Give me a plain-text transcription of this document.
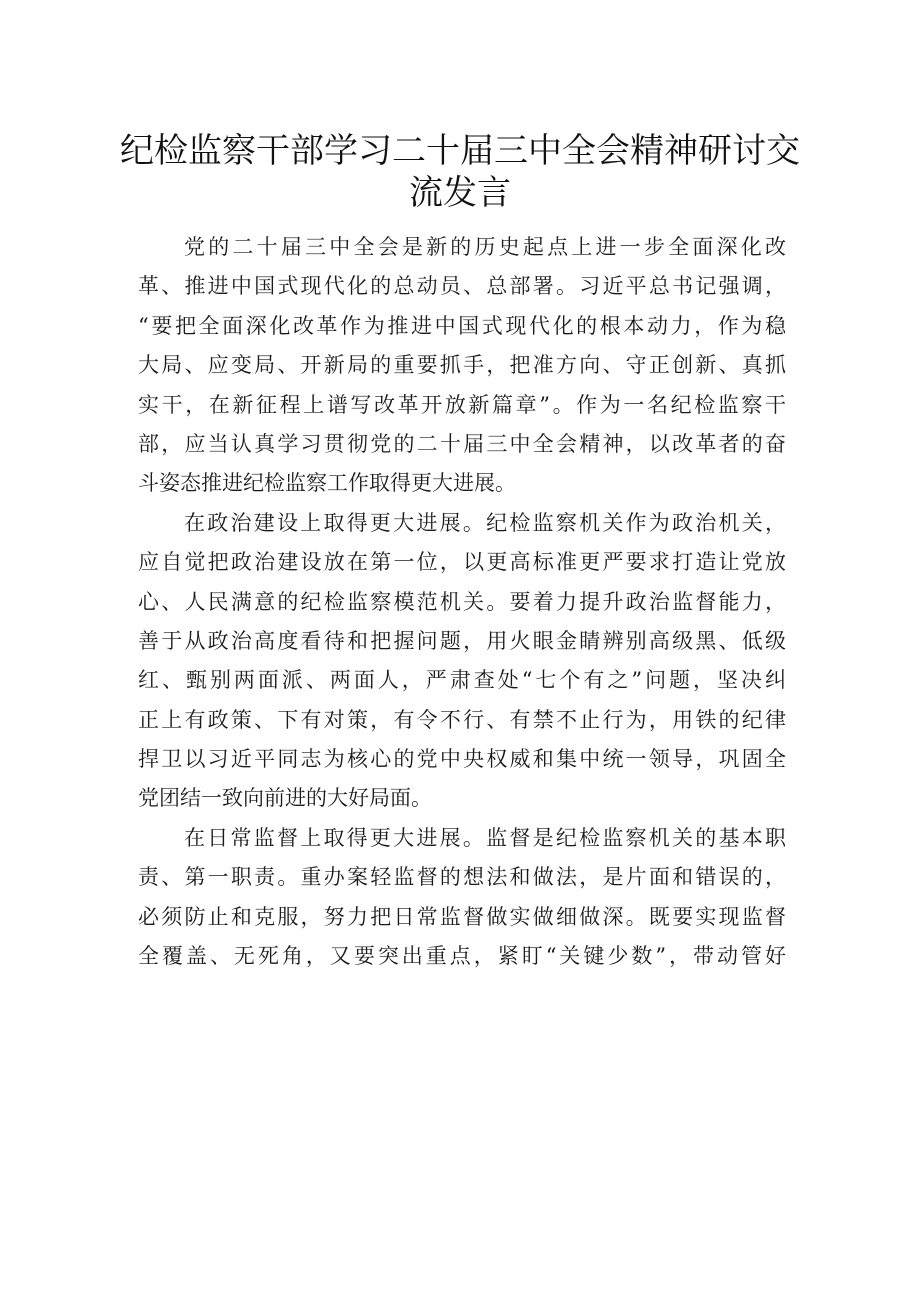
纪检监察干部学习二十届三中全会精神研讨交
流发言
党的二十届三中全会是新的历史起点上进一步全面深化改
革、推进中国式现代化的总动员、总部署。习近平总书记强调，
“要把全面深化改革作为推进中国式现代化的根本动力，作为稳
大局、应变局、开新局的重要抓手，把准方向、守正创新、真抓
实干，在新征程上谱写改革开放新篇章”。作为一名纪检监察干
部，应当认真学习贯彻党的二十届三中全会精神，以改革者的奋
斗姿态推进纪检监察工作取得更大进展。
在政治建设上取得更大进展。纪检监察机关作为政治机关，
应自觉把政治建设放在第一位，以更高标准更严要求打造让党放
心、人民满意的纪检监察模范机关。要着力提升政治监督能力，
善于从政治高度看待和把握问题，用火眼金睛辨别高级黑、低级
红、甄别两面派、两面人，严肃查处“七个有之”问题，坚决纠
正上有政策、下有对策，有令不行、有禁不止行为，用铁的纪律
捍卫以习近平同志为核心的党中央权威和集中统一领导，巩固全
党团结一致向前进的大好局面。
在日常监督上取得更大进展。监督是纪检监察机关的基本职
责、第一职责。重办案轻监督的想法和做法，是片面和错误的，
必须防止和克服，努力把日常监督做实做细做深。既要实现监督
全覆盖、无死角，又要突出重点，紧盯“关键少数”，带动管好
